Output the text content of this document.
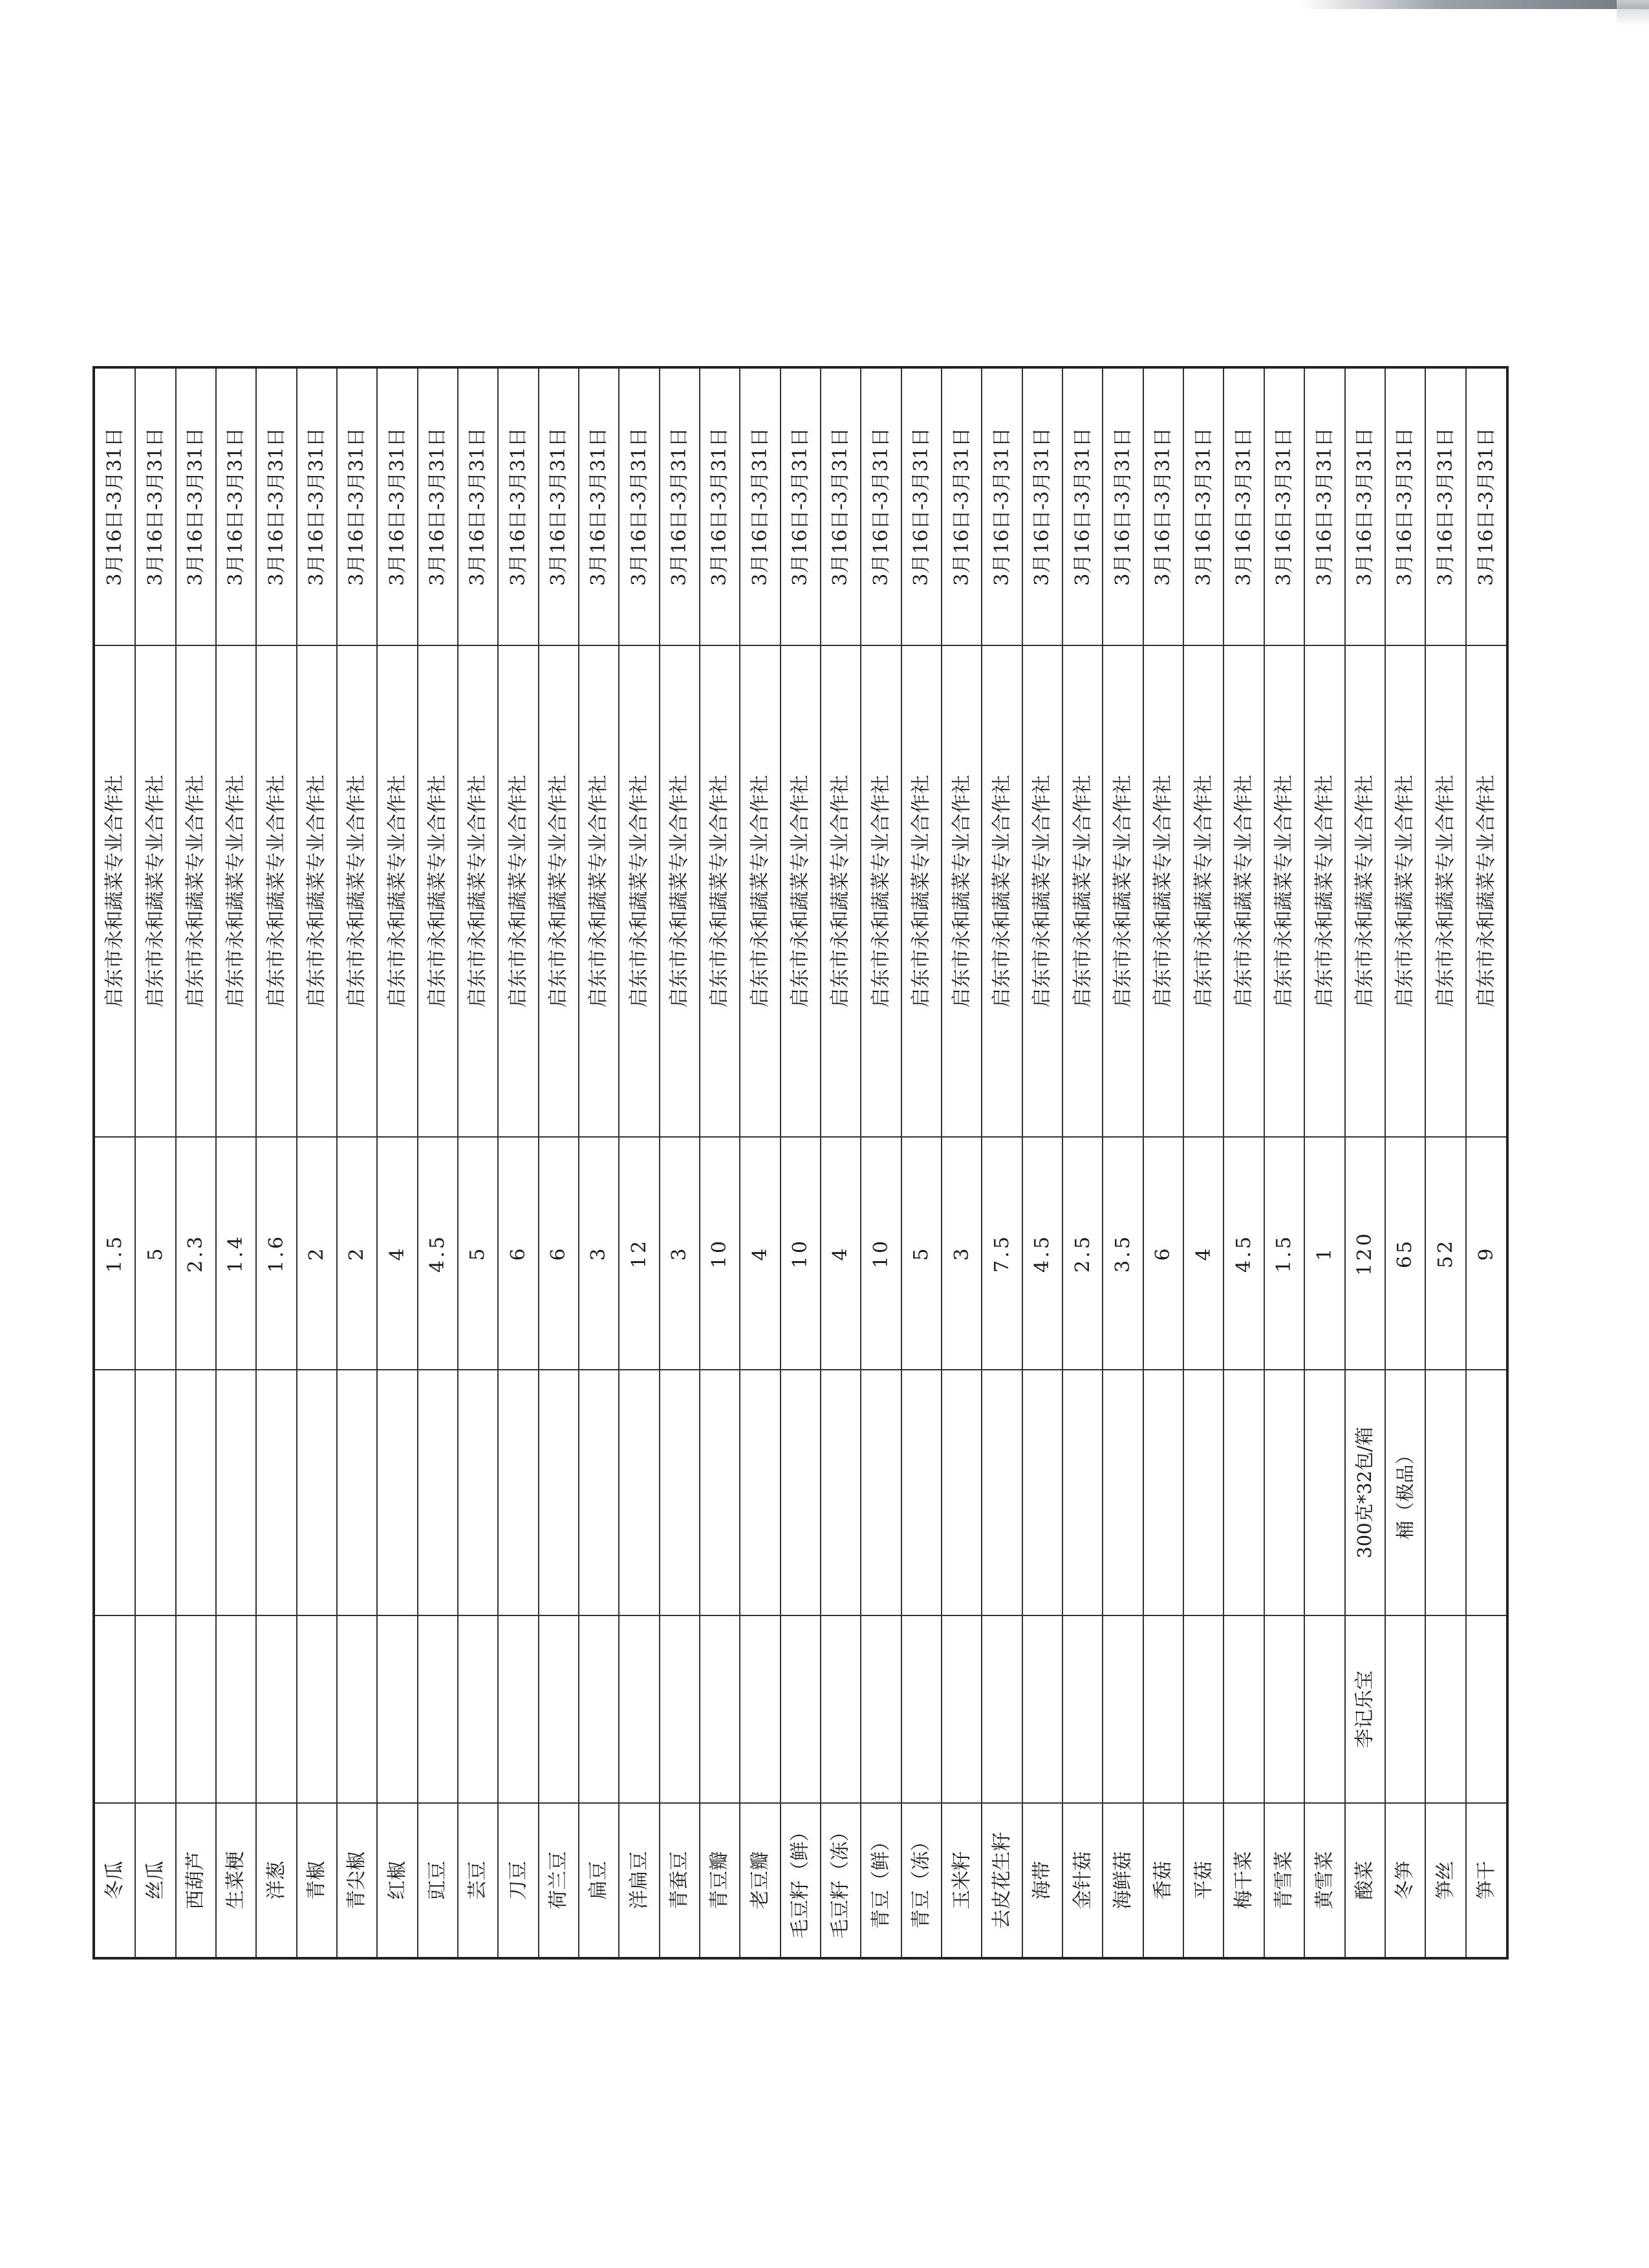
冬瓜			1.5	启东市永和蔬菜专业合作社	3月16日-3月31日
丝瓜			5	启东市永和蔬菜专业合作社	3月16日-3月31日
西葫芦			2.3	启东市永和蔬菜专业合作社	3月16日-3月31日
生菜梗			1.4	启东市永和蔬菜专业合作社	3月16日-3月31日
洋葱			1.6	启东市永和蔬菜专业合作社	3月16日-3月31日
青椒			2	启东市永和蔬菜专业合作社	3月16日-3月31日
青尖椒			2	启东市永和蔬菜专业合作社	3月16日-3月31日
红椒			4	启东市永和蔬菜专业合作社	3月16日-3月31日
豇豆			4.5	启东市永和蔬菜专业合作社	3月16日-3月31日
芸豆			5	启东市永和蔬菜专业合作社	3月16日-3月31日
刀豆			6	启东市永和蔬菜专业合作社	3月16日-3月31日
荷兰豆			6	启东市永和蔬菜专业合作社	3月16日-3月31日
扁豆			3	启东市永和蔬菜专业合作社	3月16日-3月31日
洋扁豆			12	启东市永和蔬菜专业合作社	3月16日-3月31日
青蚕豆			3	启东市永和蔬菜专业合作社	3月16日-3月31日
青豆瓣			10	启东市永和蔬菜专业合作社	3月16日-3月31日
老豆瓣			4	启东市永和蔬菜专业合作社	3月16日-3月31日
毛豆籽（鲜）			10	启东市永和蔬菜专业合作社	3月16日-3月31日
毛豆籽（冻）			4	启东市永和蔬菜专业合作社	3月16日-3月31日
青豆（鲜）			10	启东市永和蔬菜专业合作社	3月16日-3月31日
青豆（冻）			5	启东市永和蔬菜专业合作社	3月16日-3月31日
玉米籽			3	启东市永和蔬菜专业合作社	3月16日-3月31日
去皮花生籽			7.5	启东市永和蔬菜专业合作社	3月16日-3月31日
海带			4.5	启东市永和蔬菜专业合作社	3月16日-3月31日
金针菇			2.5	启东市永和蔬菜专业合作社	3月16日-3月31日
海鲜菇			3.5	启东市永和蔬菜专业合作社	3月16日-3月31日
香菇			6	启东市永和蔬菜专业合作社	3月16日-3月31日
平菇			4	启东市永和蔬菜专业合作社	3月16日-3月31日
梅干菜			4.5	启东市永和蔬菜专业合作社	3月16日-3月31日
青雪菜			1.5	启东市永和蔬菜专业合作社	3月16日-3月31日
黄雪菜			1	启东市永和蔬菜专业合作社	3月16日-3月31日
酸菜	李记乐宝	300克*32包/箱	120	启东市永和蔬菜专业合作社	3月16日-3月31日
冬笋		桶（极品）	65	启东市永和蔬菜专业合作社	3月16日-3月31日
笋丝			52	启东市永和蔬菜专业合作社	3月16日-3月31日
笋干			9	启东市永和蔬菜专业合作社	3月16日-3月31日
